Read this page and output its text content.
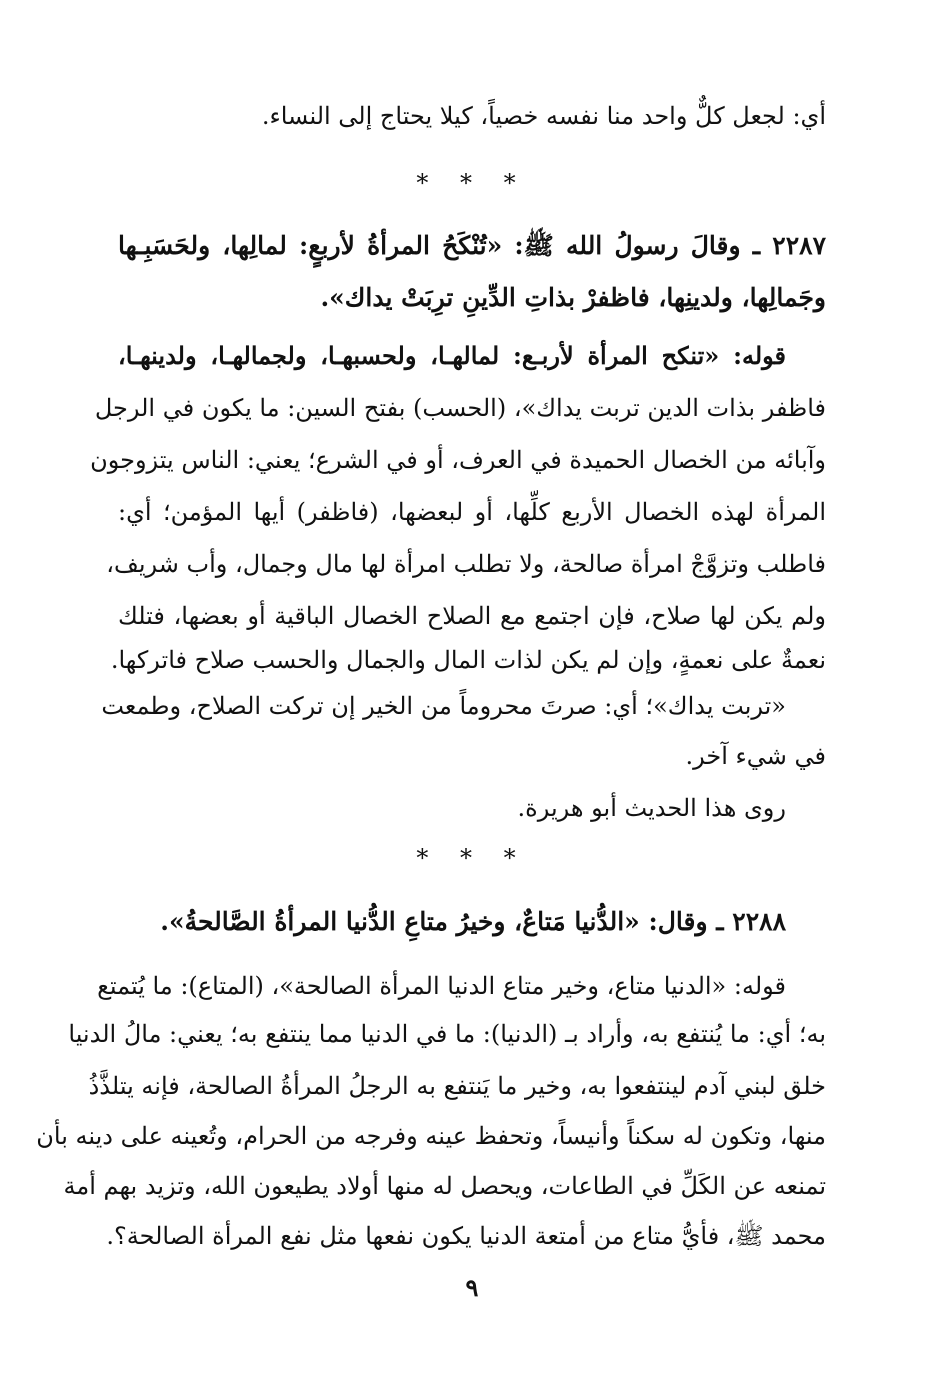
أي: لجعل كلٌّ واحد منا نفسه خصياً، كيلا يحتاج إلى النساء.
* * *
٢٢٨٧ ـ وقالَ رسولُ الله ﷺ: «تُنْكَحُ المرأةُ لأربعٍ: لمالِها، ولحَسَبِـها
وجَمالِها، ولدينِها، فاظفرْ بذاتِ الدِّينِ ترِبَتْ يداك».
قوله: «تنكح المرأة لأربـع: لمالهـا، ولحسبهـا، ولجمالهـا، ولدينهـا،
فاظفر بذات الدين تربت يداك»، (الحسب) بفتح السين: ما يكون في الرجل
وآبائه من الخصال الحميدة في العرف، أو في الشرع؛ يعني: الناس يتزوجون
المرأة لهذه الخصال الأربع كلِّها، أو لبعضها، (فاظفر) أيها المؤمن؛ أي:
فاطلب وتزوَّجْ امرأة صالحة، ولا تطلب امرأة لها مال وجمال، وأب شريف،
ولم يكن لها صلاح، فإن اجتمع مع الصلاح الخصال الباقية أو بعضها، فتلك
نعمةٌ على نعمةٍ، وإن لم يكن لذات المال والجمال والحسب صلاح فاتركها.
«تربت يداك»؛ أي: صرتَ محروماً من الخير إن تركت الصلاح، وطمعت
في شيء آخر.
روى هذا الحديث أبو هريرة.
* * *
٢٢٨٨ ـ وقال: «الدُّنيا مَتاعٌ، وخيرُ متاعِ الدُّنيا المرأةُ الصَّالحةُ».
قوله: «الدنيا متاع، وخير متاع الدنيا المرأة الصالحة»، (المتاع): ما يُتمتع
به؛ أي: ما يُنتفع به، وأراد بـ (الدنيا): ما في الدنيا مما ينتفع به؛ يعني: مالُ الدنيا
خلق لبني آدم لينتفعوا به، وخير ما يَنتفع به الرجلُ المرأةُ الصالحة، فإنه يتلذَّذُ
منها، وتكون له سكناً وأنيساً، وتحفظ عينه وفرجه من الحرام، وتُعينه على دينه بأن
تمنعه عن الكَلِّ في الطاعات، ويحصل له منها أولاد يطيعون الله، وتزيد بهم أمة
محمد ﷺ، فأيُّ متاع من أمتعة الدنيا يكون نفعها مثل نفع المرأة الصالحة؟.
٩
